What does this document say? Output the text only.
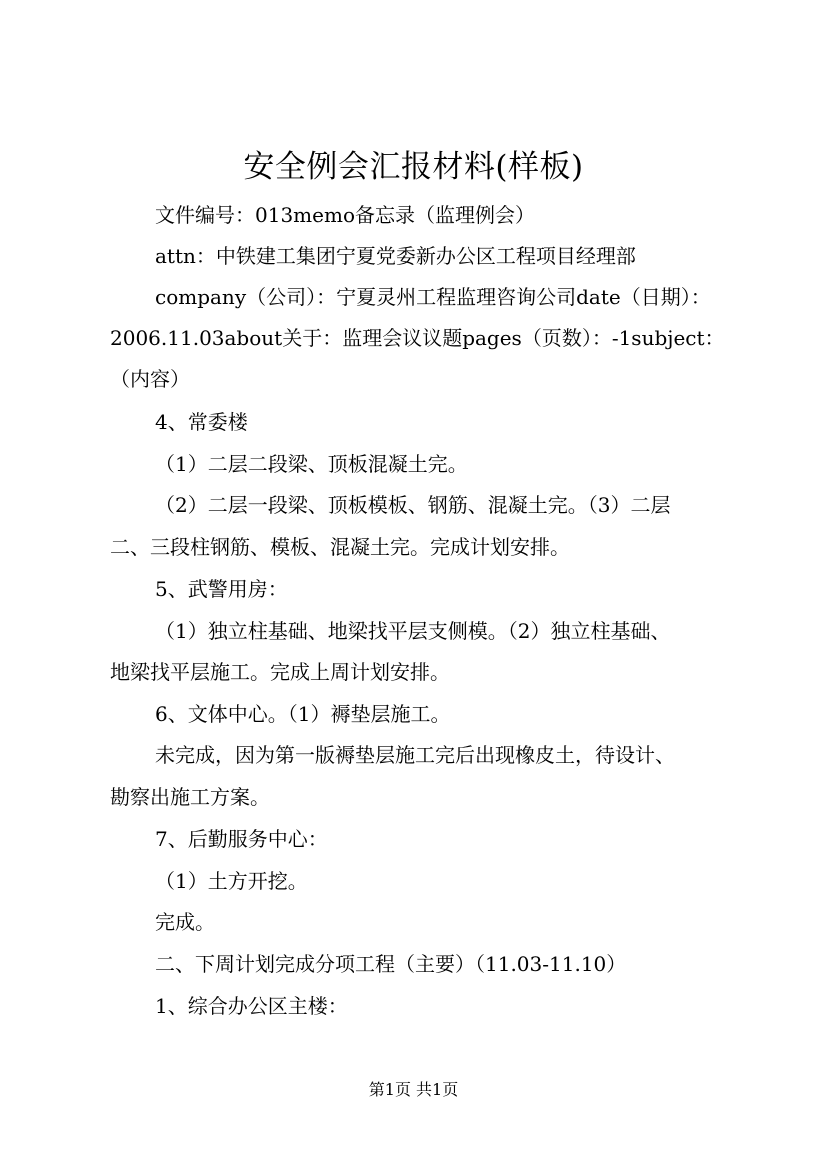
安全例会汇报材料(样板)
文件编号：013memo备忘录（监理例会）
attn：中铁建工集团宁夏党委新办公区工程项目经理部
company（公司）：宁夏灵州工程监理咨询公司date（日期）：
2006.11.03about关于：监理会议议题pages（页数）：-1subject：
（内容）
4、常委楼
（1）二层二段梁、顶板混凝土完。
（2）二层一段梁、顶板模板、钢筋、混凝土完。（3）二层
二、三段柱钢筋、模板、混凝土完。完成计划安排。
5、武警用房：
（1）独立柱基础、地梁找平层支侧模。（2）独立柱基础、
地梁找平层施工。完成上周计划安排。
6、文体中心。（1）褥垫层施工。
未完成，因为第一版褥垫层施工完后出现橡皮土，待设计、
勘察出施工方案。
7、后勤服务中心：
（1）土方开挖。
完成。
二、下周计划完成分项工程（主要）（11.03-11.10）
1、综合办公区主楼：
第1页 共1页
